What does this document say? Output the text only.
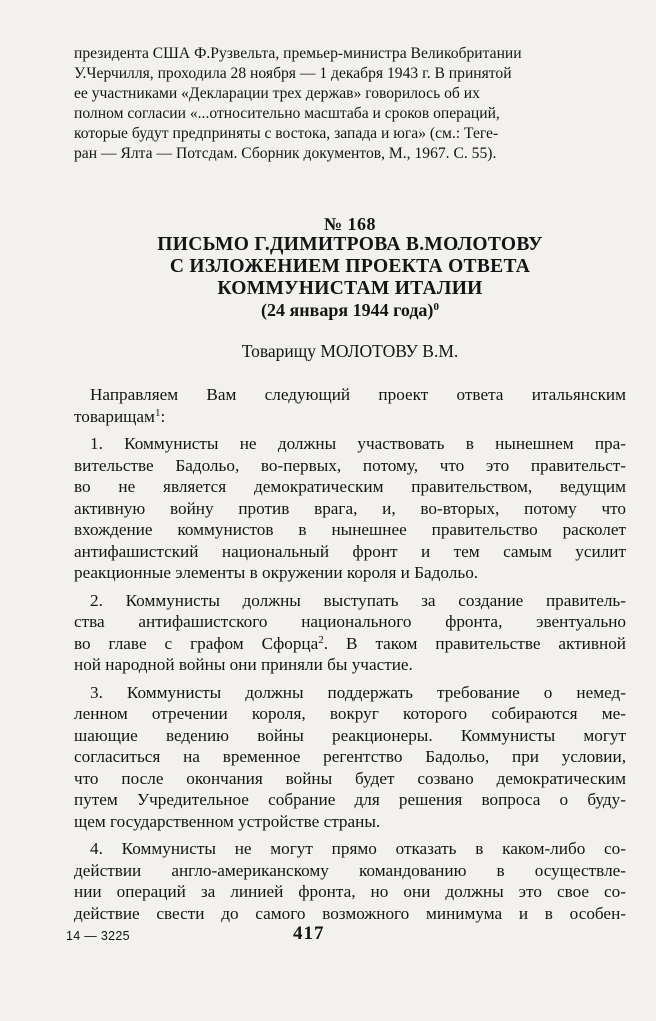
президента США Ф.Рузвельта, премьер-министра Великобритании
У.Черчилля, проходила 28 ноября — 1 декабря 1943 г. В принятой
ее участниками «Декларации трех держав» говорилось об их
полном согласии «...относительно масштаба и сроков операций,
которые будут предприняты с востока, запада и юга» (см.: Теге-
ран — Ялта — Потсдам. Сборник документов, М., 1967. С. 55).
№ 168
ПИСЬМО Г.ДИМИТРОВА В.МОЛОТОВУ
С ИЗЛОЖЕНИЕМ ПРОЕКТА ОТВЕТА
КОММУНИСТАМ ИТАЛИИ
(24 января 1944 года)$^0$
Товарищу МОЛОТОВУ В.М.
Направляем Вам следующий проект ответа итальянским
товарищам$^1$:
1. Коммунисты не должны участвовать в нынешнем пра-
вительстве Бадольо, во-первых, потому, что это правительст-
во не является демократическим правительством, ведущим
активную войну против врага, и, во-вторых, потому что
вхождение коммунистов в нынешнее правительство расколет
антифашистский национальный фронт и тем самым усилит
реакционные элементы в окружении короля и Бадольо.
2. Коммунисты должны выступать за создание правитель-
ства антифашистского национального фронта, эвентуально
во главе с графом Сфорца$^2$. В таком правительстве активной
ной народной войны они приняли бы участие.
3. Коммунисты должны поддержать требование о немед-
ленном отречении короля, вокруг которого собираются ме-
шающие ведению войны реакционеры. Коммунисты могут
согласиться на временное регентство Бадольо, при условии,
что после окончания войны будет созвано демократическим
путем Учредительное собрание для решения вопроса о буду-
щем государственном устройстве страны.
4. Коммунисты не могут прямо отказать в каком-либо со-
действии англо-американскому командованию в осуществле-
нии операций за линией фронта, но они должны это свое со-
действие свести до самого возможного минимума и в особен-
14 — 3225	417
